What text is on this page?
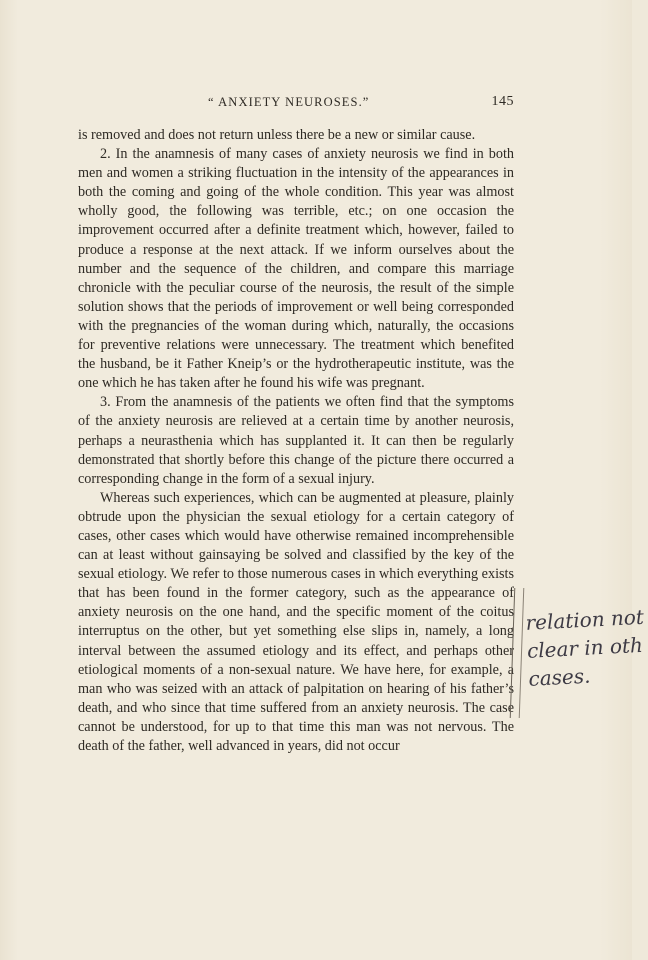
“ ANXIETY NEUROSES.”	145

is removed and does not return unless there be a new or similar cause.

2. In the anamnesis of many cases of anxiety neurosis we find in both men and women a striking fluctuation in the intensity of the appearances in both the coming and going of the whole condition. This year was almost wholly good, the following was terrible, etc.; on one occasion the improvement occurred after a definite treatment which, however, failed to produce a response at the next attack. If we inform ourselves about the number and the sequence of the children, and compare this marriage chronicle with the peculiar course of the neurosis, the result of the simple solution shows that the periods of improvement or well being corresponded with the pregnancies of the woman during which, naturally, the occasions for preventive relations were unnecessary. The treatment which benefited the husband, be it Father Kneip’s or the hydrotherapeutic institute, was the one which he has taken after he found his wife was pregnant.

3. From the anamnesis of the patients we often find that the symptoms of the anxiety neurosis are relieved at a certain time by another neurosis, perhaps a neurasthenia which has supplanted it. It can then be regularly demonstrated that shortly before this change of the picture there occurred a corresponding change in the form of a sexual injury.

Whereas such experiences, which can be augmented at pleasure, plainly obtrude upon the physician the sexual etiology for a certain category of cases, other cases which would have otherwise remained incomprehensible can at least without gainsaying be solved and classified by the key of the sexual etiology. We refer to those numerous cases in which everything exists that has been found in the former category, such as the appearance of anxiety neurosis on the one hand, and the specific moment of the coitus interruptus on the other, but yet something else slips in, namely, a long interval between the assumed etiology and its effect, and perhaps other etiological moments of a non-sexual nature. We have here, for example, a man who was seized with an attack of palpitation on hearing of his father’s death, and who since that time suffered from an anxiety neurosis. The case cannot be understood, for up to that time this man was not nervous. The death of the father, well advanced in years, did not occur

relation not
clear in oth
cases.
